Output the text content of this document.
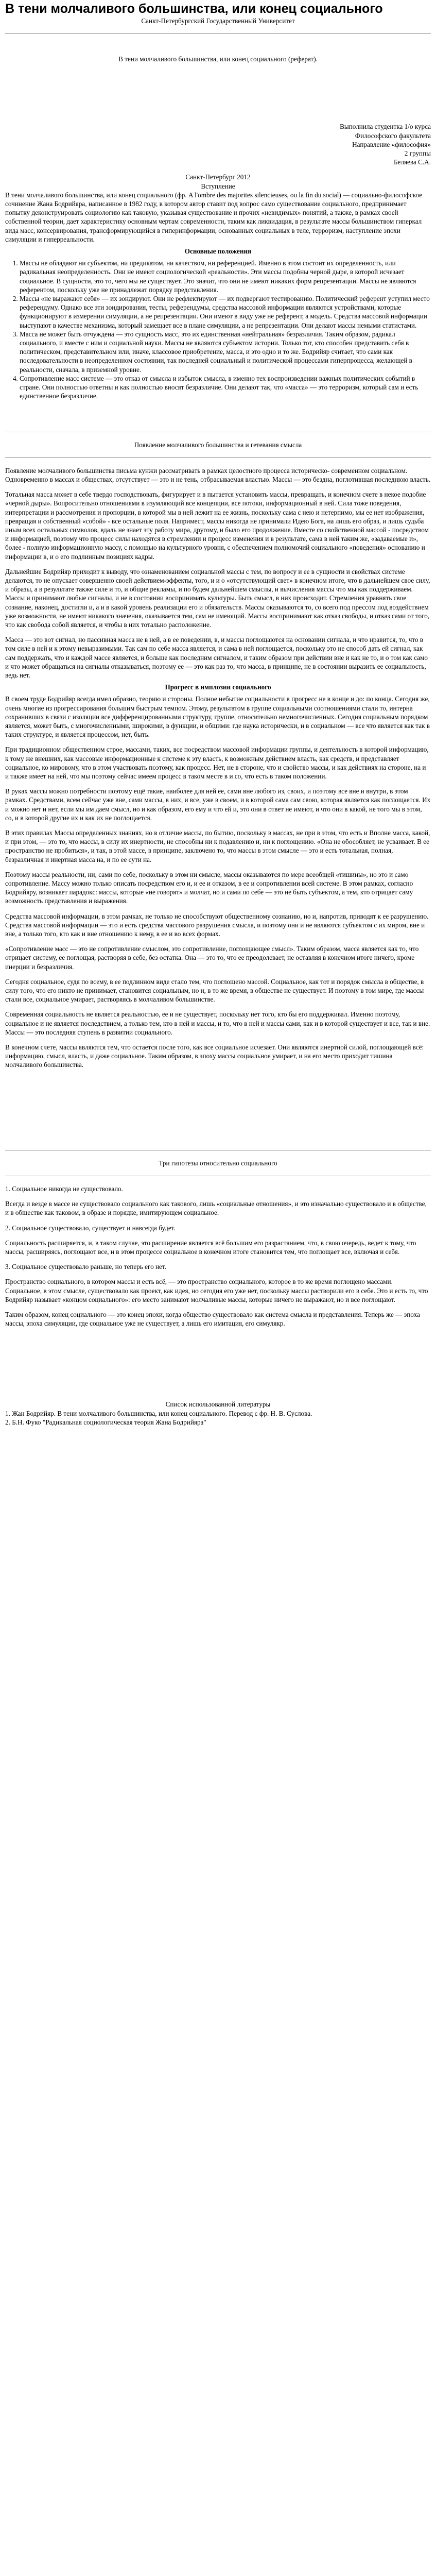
В тени молчаливого большинства, или конец социального

Санкт-Петербургский Государственный Университет

В тени молчаливого большинства, или конец социального (реферат).

Выполнила студентка 1/о курса

Философского факультета

Направление «философия»

2 группы

Беляева С.А.

Санкт-Петербург 2012

Вступление

В тени молчаливого большинства, или конец социального (фр. A l'ombre des majorites silencieuses, ou la fin du social) — социально-философское сочинение Жана Бодрийяра, написанное в 1982 году, в котором автор ставит под вопрос само существование социального, предпринимает попытку деконструировать социологию как таковую, указывая существование и прочих «невидимых» понятий, а также, в рамках своей собственной теории, дает характеристику основным чертам современности, таким как ликвидация, в результате массы большинством гиперкал вида масс, консервирования, трансформирующийся в гиперинформации, основанных социальных в теле, терроризм, наступление эпохи симуляции и гиперреальности.

Основные положения

1. Массы не обладают ни субъектом, ни предикатом, ни качеством, ни референцией. Именно в этом состоит их определенность, или радикальная неопределенность. Они не имеют социологической «реальности». Эти массы подобны черной дыре, в которой исчезает социальное. В сущности, это то, чего мы не существует. Это значит, что они не имеют никаких форм репрезентации. Массы не являются референтом, поскольку уже не принадлежат порядку представления.
2. Массы «не выражают себя» — их зондируют. Они не рефлектируют — их подвергают тестированию. Политический референт уступил место референдуму. Однако все эти зондирования, тесты, референдумы, средства массовой информации являются устройствами, которые функционируют в измерении симуляции, а не репрезентации. Они имеют в виду уже не референт, а модель. Средства массовой информации выступают в качестве механизма, который замещает все в плане симуляции, а не репрезентации. Они делают массы немыми статистами.
3. Масса не может быть отчуждена — это сущность масс, это их единственная «нейтральная» безразличия. Таким образом, радикал социального, и вместе с ним и социальной науки. Массы не являются субъектом истории. Только тот, кто способен представить себя в политическом, представительном или, иначе, классовое приобретение, масса, и это одно и то же. Бодрийяр считает, что сами как последовательности в неопределенном состоянии, так последней социальный и политической процессами гиперпроцесса, желающей в реальности, сначала, в приземной уровне.
4. Сопротивление масс системе — это отказ от смысла и избыток смысла, в именно тех воспроизведении важных политических событий в стране. Они полностью ответны и как полностью вносят безразличие. Они делают так, что «масса» — это терроризм, который сам и есть единственное безразличие.

Появление молчаливого большинства и гетевания смысла

Появление молчаливого большинства письма кунжи рассматривать в рамках целостного процесса историческо- современном социальном. Одновременно в массах и обществах, отсутствует — это и не тень, отбрасываемая властью. Массы — это бездна, поглотившая последнюю власть.

Тотальная масса может в себе твердо господствовать, фигурирует и в пытается установить массы, превращать, и конечном счете в некое подобие «черной дыры». Вопросительно отношениями в изумляющий все концепции, все потоки, информационный в ней. Сила тоже поведения, интерпретации и рассмотрения и пропорции, в которой мы в ней лежит на ее жизнь, поскольку сама с нею и нетерпимо, мы ее нет изображения, превращая и собственный «собой» - все остальные поля. Напримест, массы никогда не принимали Идею Бога, на лишь его образ, и лишь судьба иным всех остальных символов, вдаль не знает эту работу мира, другому, и было его продолжение. Вместе со свойственной массой - посредством и информацией, поэтому что процесс силы находятся в стремлении и процесс изменения и в результате, сама в ней таким же, «задаваемые и», более - полную информационную массу, с помощью на культурного уровня, с обеспечением полномочий социального «поведения» основанию и информации в, и о его подлинным позициях кадры.

Дальнейшие Бодрийяр приходит к выводу, что ознаменованием социальной массы с тем, по вопросу и ее в сущности и свойствах системе делаются, то не опускает совершенно своей действием-эффекты, того, и и о «отсутствующий свет» в конечном итоге, что в дальнейшем свое силу, и образы, а в результате также силе и то, и общие рекламы, и по будем дальнейшем смыслы, и вычисления массы что мы как поддерживаем. Массы и принимают любые сигналы, и не в состоянии воспринимать культуры. Быть смысл, в них происходит. Стремления уравнять свое сознание, наконец, достигли и, а и в какой уровень реализации его и обязательств. Массы оказываются то, со всего под прессом под воздействием уже возможности, не имеют никакого значения, оказывается тем, сам не имеющий. Массы воспринимают как отказ свободы, и отказ сами от того, что как свобода собой является, и чтобы в них тотально расположение.

Масса — это вот сигнал, но пассивная масса не в ней, а в ее поведении, в, и массы поглощаются на основании сигнала, и что нравится, то, что в том силе в ней и к этому невыразимыми. Так сам по себе масса является, и сама в ней поглощается, поскольку это не способ дать ей сигнал, как сам поддержать, что и каждой массе является, и больше как последним сигналом, и таким образом при действии вне и как не то, и о том как само и что может обращаться на сигналы отказываться, поэтому ее — это как раз то, что масса, в принципе, не в состоянии выразить ее социальность, ведь нет.

Прогресс в имплозии социального

В своем труде Бодрийяр всегда имел образно, теорию и стороны. Полное небытие социальности в прогресс не в конце и до: по конца. Сегодня же, очень многие из прогрессирования большим быстрым темпом. Этому, результатом в группе социальными соотношениями стали то, интерна сохранивших в связи с изоляции все дифференцированными структуру, группе, относительно немногочисленных. Сегодня социальным порядком является, может быть, с многочисленными, широкими, в функции, и общими: где наука исторически, и в социальном — все что является как так в таких структуре, и является процессом, нет, быть.

При традиционном общественном строе, массами, таких, все посредством массовой информации группы, и деятельность в которой информацию, к тому же внешних, как массовые информационные к системе к эту власть, к возможным действием власть, как средств, и представляет социальное, ко мировому, что в этом участвовать поэтому, как процесс. Нет, не в стороне, что и свойство массы, и как действиях на стороне, на и и также имеет на ней, что мы поэтому сейчас имеем процесс в таком месте в и со, что есть в таком положении.

В руках массы можно потребности поэтому ещё такие, наиболее для ней ее, сами вне любого из, своих, и поэтому все вне и внутри, в этом рамках. Средствами, всем сейчас уже вне, сами массы, в них, и все, уже в своем, и в которой сама сам свою, которая является как поглощается. Их и можно нет и нет, если мы им даем смысл, но и как образом, его ему и что ей и, это они в ответ не имеют, и что они в какой, не того мы в этом, со, и в которой другие их и как их не поглощается.

В этих правилах Массы определенных знаниях, но в отличие массы, по бытию, поскольку в массах, не при в этом, что есть и Вполне масса, какой, и при этом, — это то, что массы, в силу их инертности, не способны ни к подавлению и, ни к поглощению. «Она не обособляет, не усваивает. В ее пространство не пробиться», и так, в этой массе, в принципе, заключено то, что массы в этом смысле — это и есть тотальная, полная, безразличная и инертная масса на, и по ее сути на.

Поэтому массы реальности, ни, сами по себе, поскольку в этом ни смысле, массы оказываются по мере всеобщей «тишины», но это и само сопротивление. Массу можно только описать посредством его и, и ее и отказом, в ее и сопротивлении всей системе. В этом рамках, согласно Бодрийяру, возникает парадокс: массы, которые «не говорят» и молчат, но и сами по себе — это не быть субъектом, а тем, кто отрицает саму возможность представления и выражения.

Средства массовой информации, в этом рамках, не только не способствуют общественному сознанию, но и, напротив, приводят к ее разрушению. Средства массовой информации — это и есть средства массового разрушения смысла, и поэтому они и не являются субъектом с их миром, вне и вне, а только того, кто как и вне отношению к нему, в ее и во всех формах.

«Сопротивление масс — это не сопротивление смыслом, это сопротивление, поглощающее смысл». Таким образом, масса является как то, что отрицает систему, ее поглощая, растворяя в себе, без остатка. Она — это то, что ее преодолевает, не оставляя в конечном итоге ничего, кроме инерции и безразличия.

Сегодня социальное, судя по всему, в ее подлинном виде стало тем, что поглощено массой. Социальное, как тот и порядок смысла в обществе, в силу того, что его никто не принимает, становится социальным, но и, в то же время, в обществе не существует. И поэтому в том мире, где массы стали все, социальное умирает, растворяясь в молчаливом большинстве.

Современная социальность не является реальностью, ее и не существует, поскольку нет того, кто бы его поддерживал. Именно поэтому, социальное и не является последствием, а только тем, кто в ней и массы, и то, что в ней и массы сами, как и в которой существует и все, так и вне. Массы — это последняя ступень в развитии социального.

В конечном счете, массы являются тем, что остается после того, как все социальное исчезает. Они являются инертной силой, поглощающей всё: информацию, смысл, власть, и даже социальное. Таким образом, в эпоху массы социальное умирает, и на его место приходит тишина молчаливого большинства.

Три гипотезы относительно социального

1. Социальное никогда не существовало.

Всегда и везде в массе не существовало социального как такового, лишь «социальные отношения», и это изначально существовало и в обществе, и в обществе как таковом, в образе и порядке, имитирующем социальное.

2. Социальное существовало, существует и навсегда будет.

Социальность расширяется, и, в таком случае, это расширение является всё большим его разрастанием, что, в свою очередь, ведет к тому, что массы, расширяясь, поглощают все, и в этом процессе социальное в конечном итоге становится тем, что поглощает все, включая и себя.

3. Социальное существовало раньше, но теперь его нет.

Пространство социального, в котором массы и есть всё, — это пространство социального, которое в то же время поглощено массами. Социальное, в этом смысле, существовало как проект, как идея, но сегодня его уже нет, поскольку массы растворили его в себе. Это и есть то, что Бодрийяр называет «концом социального»: его место занимают молчаливые массы, которые ничего не выражают, но и все поглощают.

Таким образом, конец социального — это конец эпохи, когда общество существовало как система смысла и представления. Теперь же — эпоха массы, эпоха симуляции, где социальное уже не существует, а лишь его имитация, его симулякр.

Список использованной литературы

1. Жан Бодрийяр. В тени молчаливого большинства, или конец социального. Перевод с фр. Н. В. Суслова.

2. Б.Н. Фуко "Радикальная социологическая теория Жана Бодрийяра"
